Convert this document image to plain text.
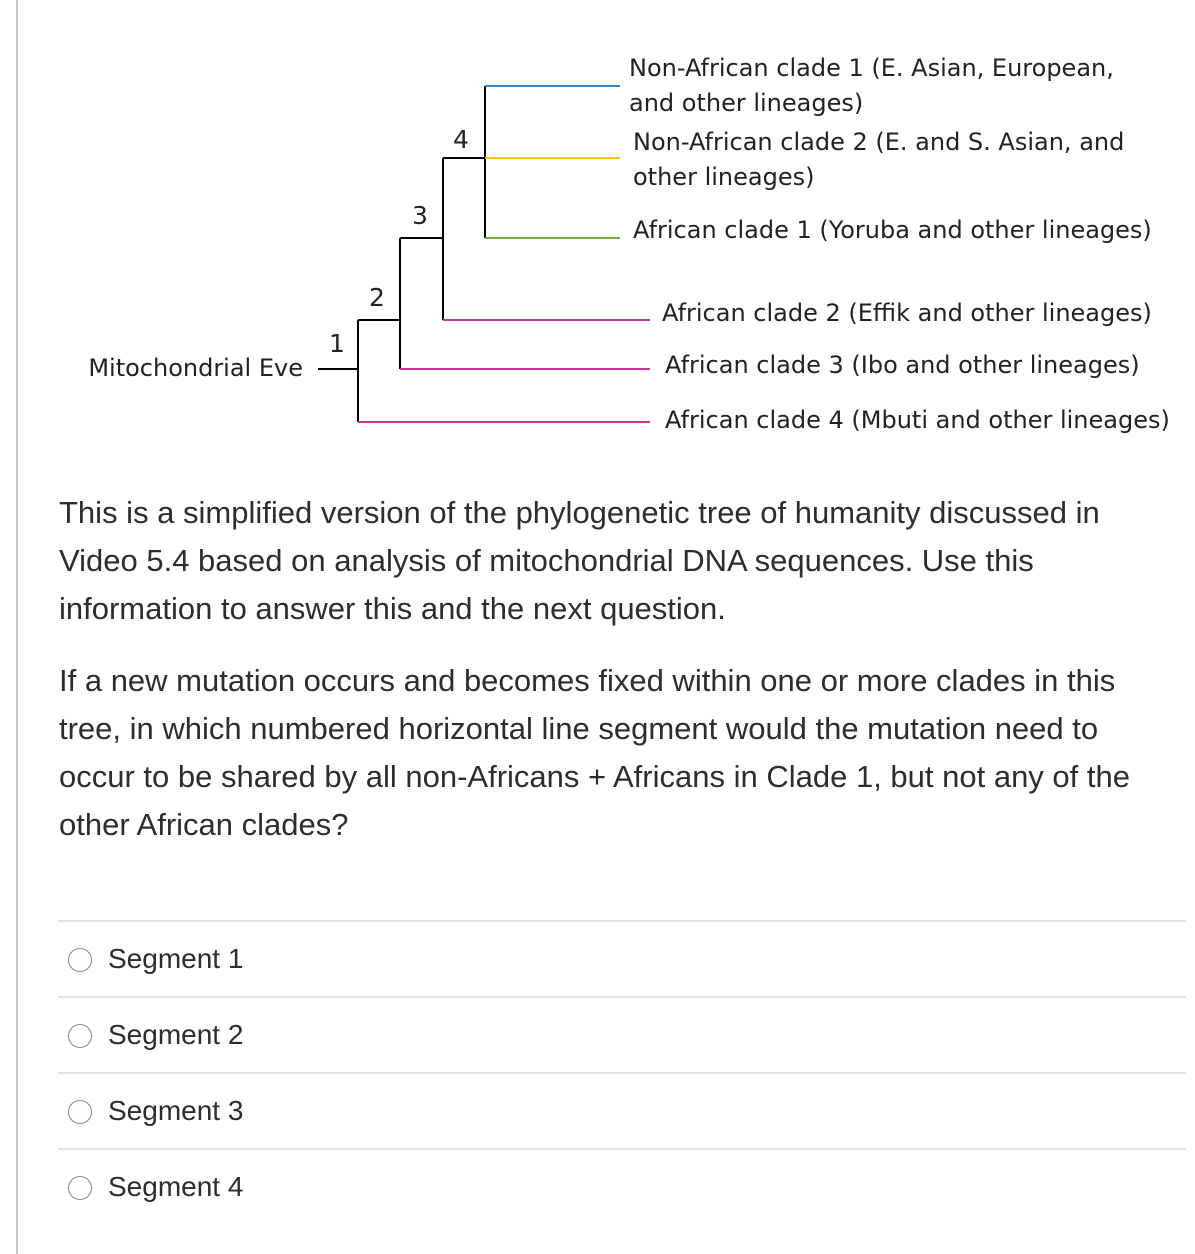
Mitochondrial Eve
1
2
3
4
Non-African clade 1 (E. Asian, European,
and other lineages)
Non-African clade 2 (E. and S. Asian, and
other lineages)
African clade 1 (Yoruba and other lineages)
African clade 2 (Effik and other lineages)
African clade 3 (Ibo and other lineages)
African clade 4 (Mbuti and other lineages)
This is a simplified version of the phylogenetic tree of humanity discussed in Video 5.4 based on analysis of mitochondrial DNA sequences. Use this information to answer this and the next question.
If a new mutation occurs and becomes fixed within one or more clades in this tree, in which numbered horizontal line segment would the mutation need to occur to be shared by all non-Africans + Africans in Clade 1, but not any of the other African clades?
Segment 1
Segment 2
Segment 3
Segment 4
